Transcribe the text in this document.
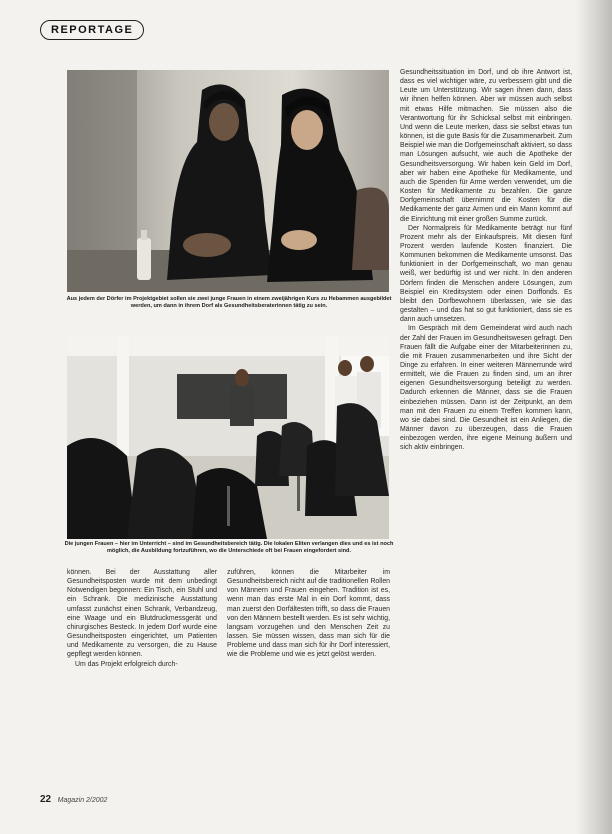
REPORTAGE
Aus jedem der Dörfer im Projektgebiet sollen sie zwei junge Frauen in einem zweijährigen Kurs zu Hebammen ausgebildet werden, um dann in ihrem Dorf als Gesundheitsberaterinnen tätig zu sein.
Die jungen Frauen – hier im Unterricht – sind im Gesundheitsbereich tätig. Die lokalen Eliten verlangen dies und es ist noch möglich, die Ausbildung fortzuführen, wo die Unterschiede oft bei Frauen eingefordert sind.

Gesundheitssituation im Dorf, und ob ihre Antwort ist, dass es viel wichtiger wäre, zu verbessern gibt und die Leute um Unterstützung. Wir sagen ihnen dann, dass wir ihnen helfen können. Aber wir müssen auch selbst mit etwas Hilfe mitmachen. Sie müssen also die Verantwortung für ihr Schicksal selbst mit einbringen. Und wenn die Leute merken, dass sie selbst etwas tun können, ist die gute Basis für die Zusammenarbeit. Zum Beispiel wie man die Dorfgemeinschaft aktiviert, so dass man Lösungen aufsucht, wie auch die Apotheke der Gesundheitsversorgung. Wir haben kein Geld im Dorf, aber wir haben eine Apotheke für Medikamente, und auch die Spenden für Arme werden verwendet, um die Kosten für Medikamente zu bezahlen. Die ganze Dorfgemeinschaft übernimmt die Kosten für die Medikamente der ganz Armen und ein Mann kommt auf die Einrichtung mit einer großen Summe zurück.

Der Normalpreis für Medikamente beträgt nur fünf Prozent mehr als der Einkaufspreis. Mit diesen fünf Prozent werden laufende Kosten finanziert. Die Kommunen bekommen die Medikamente umsonst. Das funktioniert in der Dorfgemeinschaft, wo man genau weiß, wer bedürftig ist und wer nicht. In den anderen Dörfern finden die Menschen andere Lösungen, zum Beispiel ein Kreditsystem oder einen Dorffonds. Es bleibt den Dorfbewohnern überlassen, wie sie das gestalten – und das hat so gut funktioniert, dass sie es dann auch umsetzen.

Im Gespräch mit dem Gemeinderat wird auch nach der Zahl der Frauen im Gesundheitswesen gefragt. Den Frauen fällt die Aufgabe einer der Mitarbeiterinnen zu, die mit Frauen zusammenarbeiten und ihre Sicht der Dinge zu erfahren. In einer weiteren Männerrunde wird ermittelt, wie die Frauen zu finden sind, um an ihrer eigenen Gesundheitsversorgung beteiligt zu werden. Dadurch erkennen die Männer, dass sie die Frauen einbeziehen müssen. Dann ist der Zeitpunkt, an dem man mit den Frauen zu einem Treffen kommen kann, wo sie dabei sind. Die Gesundheit ist ein Anliegen, die Männer davon zu überzeugen, dass die Frauen einbezogen werden, ihre eigene Meinung äußern und sich aktiv einbringen.

können. Bei der Ausstattung aller Gesundheitsposten wurde mit dem unbedingt Notwendigen begonnen: Ein Tisch, ein Stuhl und ein Schrank. Die medizinische Ausstattung umfasst zunächst einen Schrank, Verbandzeug, eine Waage und ein Blutdruckmessgerät und chirurgisches Besteck. In jedem Dorf wurde eine Gesundheitsposten eingerichtet, um Patienten und Medikamente zu versorgen, die zu Hause gepflegt werden können.

Um das Projekt erfolgreich durch-

zuführen, können die Mitarbeiter im Gesundheitsbereich nicht auf die traditionellen Rollen von Männern und Frauen eingehen. Tradition ist es, wenn man das erste Mal in ein Dorf kommt, dass man zuerst den Dorfältesten trifft, so dass die Frauen von den Männern bestellt werden. Es ist sehr wichtig, langsam vorzugehen und den Menschen Zeit zu lassen. Sie müssen wissen, dass man sich für die Probleme und dass man sich für ihr Dorf interessiert, wie die Probleme und wie es jetzt gelöst werden.

22 Magazin 2/2002
